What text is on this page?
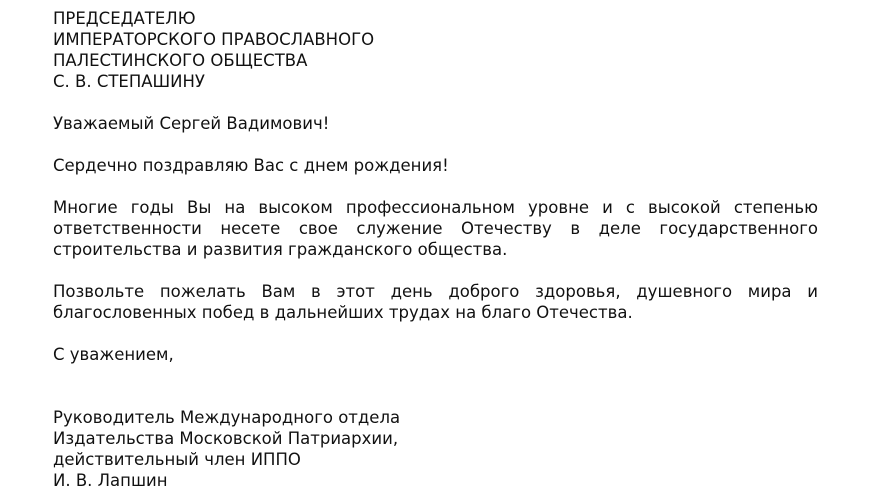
ПРЕДСЕДАТЕЛЮ
ИМПЕРАТОРСКОГО ПРАВОСЛАВНОГО
ПАЛЕСТИНСКОГО ОБЩЕСТВА
С. В. СТЕПАШИНУ
Уважаемый Сергей Вадимович!
Сердечно поздравляю Вас с днем рождения!
Многие годы Вы на высоком профессиональном уровне и с высокой степенью ответственности несете свое служение Отечеству в деле государственного строительства и развития гражданского общества.
Позвольте пожелать Вам в этот день доброго здоровья, душевного мира и благословенных побед в дальнейших трудах на благо Отечества.
С уважением,
Руководитель Международного отдела
Издательства Московской Патриархии,
действительный член ИППО
И. В. Лапшин
